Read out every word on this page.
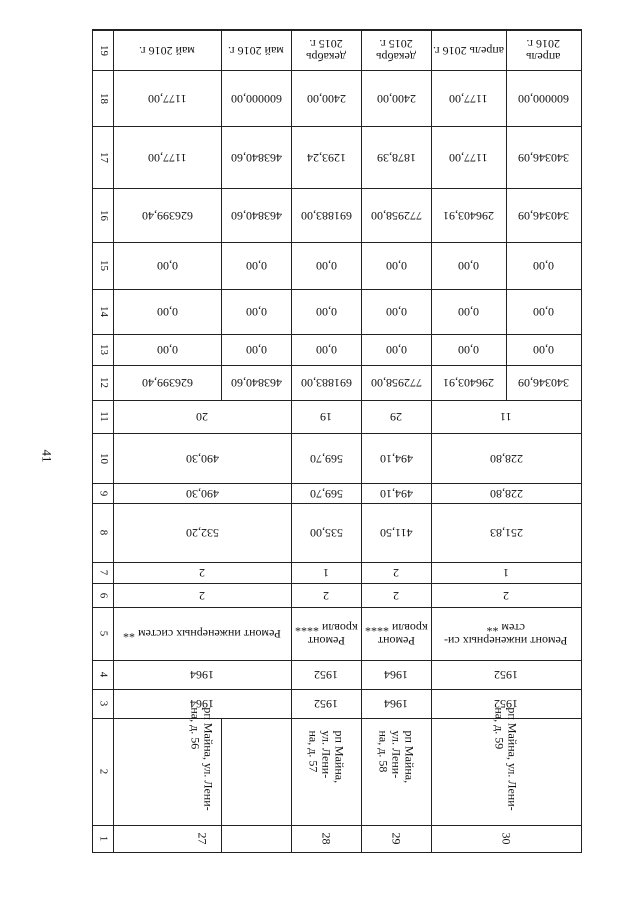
41
1
2
3
4
5
6
7
8
9
10
11
12
13
14
15
16
17
18
19
626399,40
0,00
0,00
0,00
626399,40
1177,00
1177,00
май 2016 г.
463840,60
0,00
0,00
0,00
463840,60
463840,60
600000,00
май 2016 г.
691883,00
0,00
0,00
0,00
691883,00
1293,24
2400,00
декабрь
2015 г.
772958,00
0,00
0,00
0,00
772958,00
1878,39
2400,00
декабрь
2015 г.
296403,91
0,00
0,00
0,00
296403,91
1177,00
1177,00
апрель 2016 г.
340346,09
0,00
0,00
0,00
340346,09
340346,09
600000,00
апрель
2016 г.
20
490,30
532,20
2
2
Ремонт инженерных систем **
1964
1964
19
569,70
535,00
1
2
Ремонт
кровли ****
1952
1952
29
494,10
411,50
2
2
Ремонт
кровли ****
1964
1964
11
228,80
251,83
1
2
Ремонт инженерных си-
стем **
1952
1952
490,30
рп Майна, ул. Лени-
на, д. 56
27
569,70
рп Майна, ул. Лени-
на, д. 57
28
494,10
рп Майна, ул. Лени-
на, д. 58
29
228,80
рп Майна, ул. Лени-
на, д. 59
30
